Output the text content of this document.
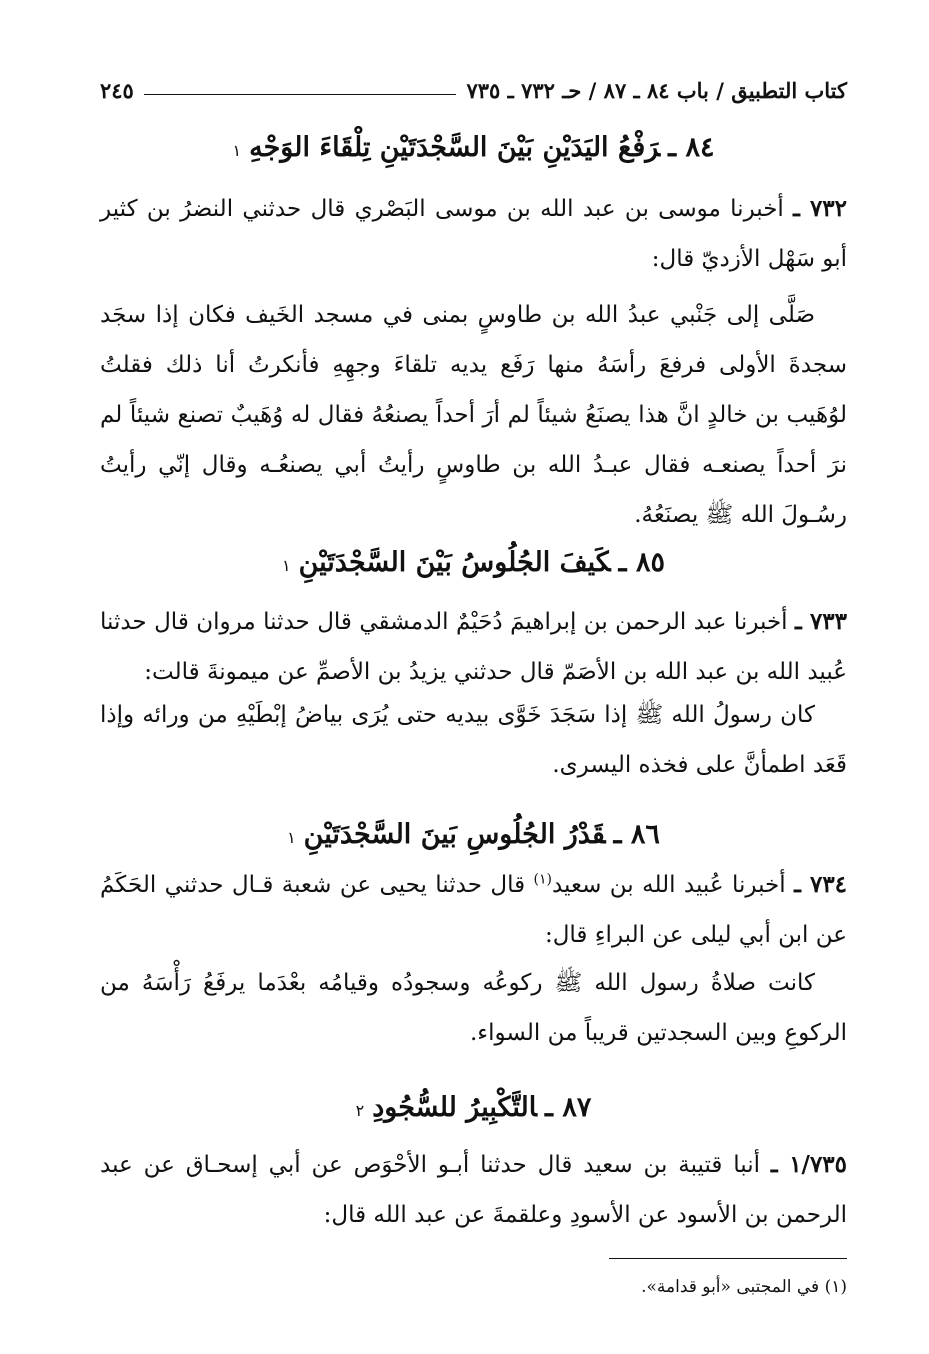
كتاب التطبيق / باب ٨٤ ـ ٨٧ / حـ ٧٣٢ ـ ٧٣٥
٢٤٥
٨٤ ـرَفْعُ اليَدَيْنِ بَيْنَ السَّجْدَتَيْنِ تِلْقَاءَ الوَجْهِ١
٧٣٢ ـ أخبرنا موسى بن عبد الله بن موسى البَصْري قال حدثني النضرُ بن كثير أبو سَهْل الأزديّ قال:
صَلَّى إلى جَنْبي عبدُ الله بن طاوسٍ بمنى في مسجد الخَيف فكان إذا سجَد سجدةَ الأولى فرفعَ رأسَهُ منها رَفَع يديه تلقاءَ وجهِهِ فأنكرتُ أنا ذلك فقلتُ لوُهَيب بن خالدٍ انَّ هذا يصنَعُ شيئاً لم أرَ أحداً يصنعُهُ فقال له وُهَيبٌ تصنع شيئاً لم نرَ أحداً يصنعـه فقال عبـدُ الله بن طاوسٍ رأيتُ أبي يصنعُـه وقال إنّي رأيتُ رسُـولَ الله ﷺ يصنَعُهُ.
٨٥ ـكَيفَ الجُلُوسُ بَيْنَ السَّجْدَتَيْنِ١
٧٣٣ ـ أخبرنا عبد الرحمن بن إبراهيمَ دُحَيْمٌ الدمشقي قال حدثنا مروان قال حدثنا عُبيد الله بن عبد الله بن الأصَمّ قال حدثني يزيدُ بن الأصمِّ عن ميمونةَ قالت:
كان رسولُ الله ﷺ إذا سَجَدَ خَوَّى بيديه حتى يُرَى بياضُ إبْطَيْهِ من ورائه وإذا قَعَد اطمأنَّ على فخذه اليسرى.
٨٦ ـقَدْرُ الجُلُوسِ بَينَ السَّجْدَتَيْنِ١
٧٣٤ ـ أخبرنا عُبيد الله بن سعيد$^{(١)}$ قال حدثنا يحيى عن شعبة قـال حدثني الحَكَمُ عن ابن أبي ليلى عن البراءِ قال:
كانت صلاةُ رسول الله ﷺ ركوعُه وسجودُه وقيامُه بعْدَما يرفَعُ رَأْسَهُ من الركوعِ وبين السجدتين قريباً من السواء.
٨٧ ـالتَّكْبِيرُ للسُّجُودِ٢
١/٧٣٥ ـ أنبا قتيبة بن سعيد قال حدثنا أبـو الأحْوَص عن أبي إسحـاق عن عبد الرحمن بن الأسود عن الأسودِ وعلقمةَ عن عبد الله قال:
(١) في المجتبى «أبو قدامة».
